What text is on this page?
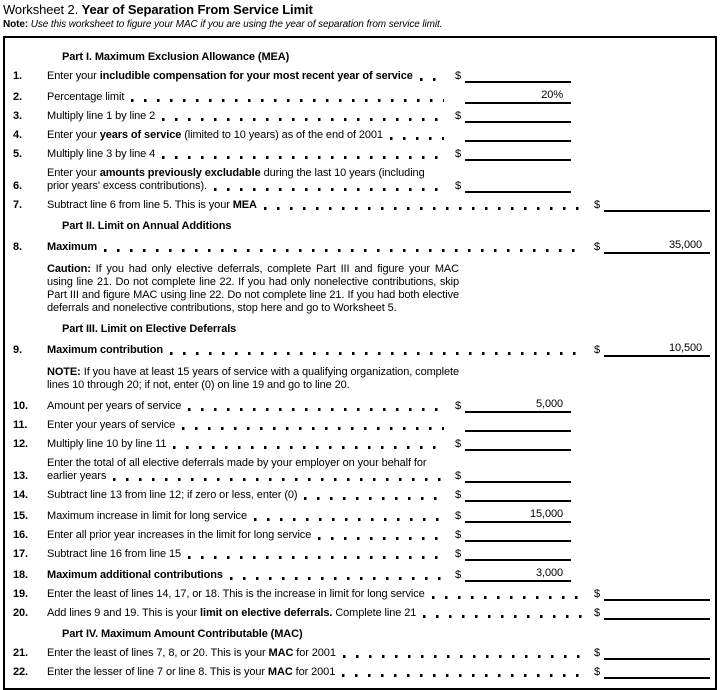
Worksheet 2. Year of Separation From Service Limit
Note: Use this worksheet to figure your MAC if you are using the year of separation from service limit.
Part I. Maximum Exclusion Allowance (MEA)
1.	Enter your includible compensation for your most recent year of service	$
2.	Percentage limit	20%
3.	Multiply line 1 by line 2	$
4.	Enter your years of service (limited to 10 years) as of the end of 2001
5.	Multiply line 3 by line 4	$
6.
Enter your amounts previously excludable during the last 10 years (including
prior years' excess contributions).	$
7.	Subtract line 6 from line 5. This is your MEA	$
Part II. Limit on Annual Additions
8.	Maximum	$	35,000
Caution: If you had only elective deferrals, complete Part III and figure your MAC using line 21. Do not complete line 22. If you had only nonelective contributions, skip Part III and figure MAC using line 22. Do not complete line 21. If you had both elective deferrals and nonelective contributions, stop here and go to Worksheet 5.
Part III. Limit on Elective Deferrals
9.	Maximum contribution	$	10,500
NOTE: If you have at least 15 years of service with a qualifying organization, complete lines 10 through 20; if not, enter (0) on line 19 and go to line 20.
10.	Amount per years of service	$	5,000
11.	Enter your years of service
12.	Multiply line 10 by line 11	$
13.
Enter the total of all elective deferrals made by your employer on your behalf for
earlier years	$
14.	Subtract line 13 from line 12; if zero or less, enter (0)	$
15.	Maximum increase in limit for long service	$	15,000
16.	Enter all prior year increases in the limit for long service	$
17.	Subtract line 16 from line 15	$
18.	Maximum additional contributions	$	3,000
19.	Enter the least of lines 14, 17, or 18. This is the increase in limit for long service	$
20.	Add lines 9 and 19. This is your limit on elective deferrals. Complete line 21	$
Part IV. Maximum Amount Contributable (MAC)
21.	Enter the least of lines 7, 8, or 20. This is your MAC for 2001	$
22.	Enter the lesser of line 7 or line 8. This is your MAC for 2001	$
